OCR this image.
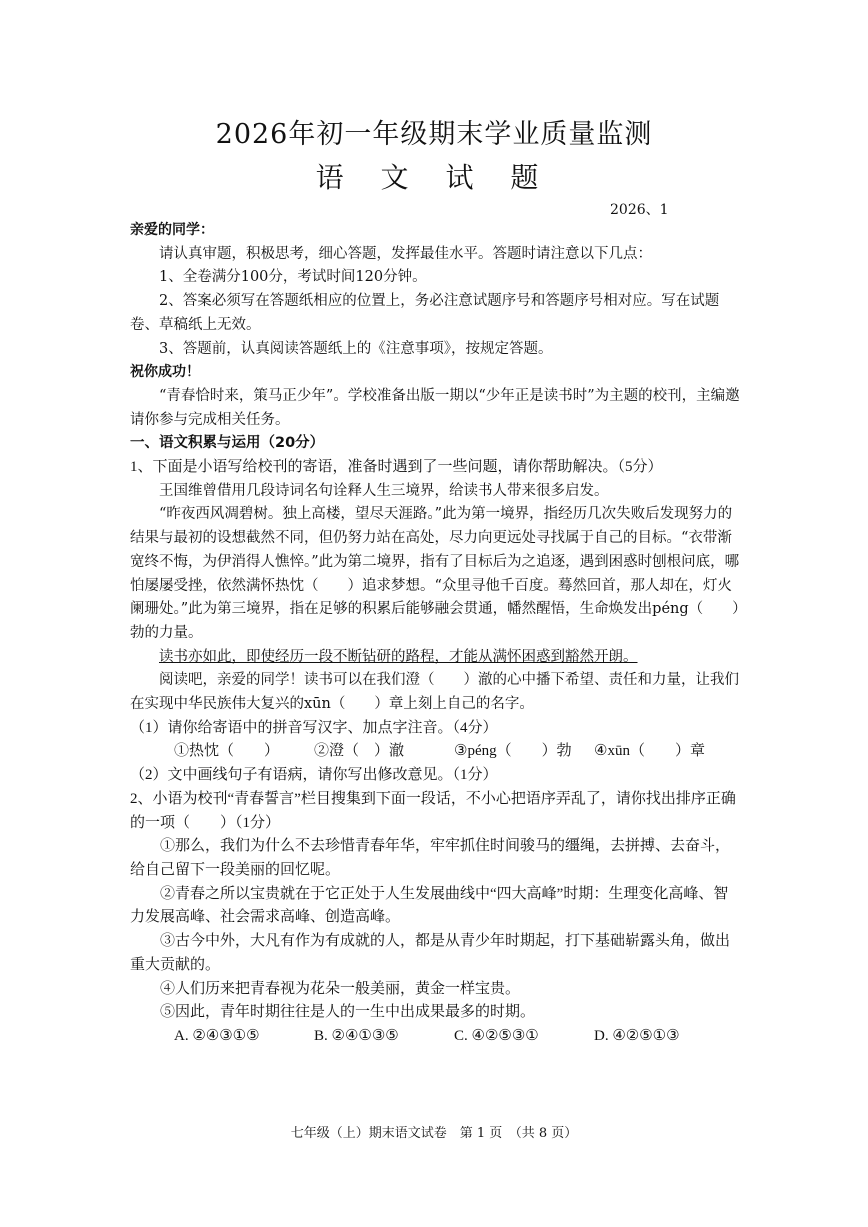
2026年初一年级期末学业质量监测
语 文 试 题
2026、1

亲爱的同学：

请认真审题，积极思考，细心答题，发挥最佳水平。答题时请注意以下几点：

1、全卷满分100分，考试时间120分钟。

2、答案必须写在答题纸相应的位置上，务必注意试题序号和答题序号相对应。写在试题卷、草稿纸上无效。

3、答题前，认真阅读答题纸上的《注意事项》，按规定答题。

祝你成功！

“青春恰时来，策马正少年”。学校准备出版一期以“少年正是读书时”为主题的校刊，主编邀请你参与完成相关任务。

一、语文积累与运用（20分）

1、下面是小语写给校刊的寄语，准备时遇到了一些问题，请你帮助解决。（5分）

王国维曾借用几段诗词名句诠释人生三境界，给读书人带来很多启发。

“昨夜西风凋碧树。独上高楼，望尽天涯路。”此为第一境界，指经历几次失败后发现努力的结果与最初的设想截然不同，但仍努力站在高处，尽力向更远处寻找属于自己的目标。“衣带渐宽终不悔，为伊消得人憔悴。”此为第二境界，指有了目标后为之追逐，遇到困惑时刨根问底，哪怕屡屡受挫，依然满怀热忱（　　）追求梦想。“众里寻他千百度。蓦然回首，那人却在，灯火阑珊处。”此为第三境界，指在足够的积累后能够融会贯通，幡然醒悟，生命焕发出péng（　　）勃的力量。

读书亦如此，即使经历一段不断钻研的路程，才能从满怀困惑到豁然开朗。

阅读吧，亲爱的同学！读书可以在我们澄（　　）澈的心中播下希望、责任和力量，让我们在实现中华民族伟大复兴的xūn（　　）章上刻上自己的名字。

（1）请你给寄语中的拼音写汉字、加点字注音。（4分）

①热忱（　　）	②澄（　）澈	③péng（　　）勃	④xūn（　　）章

（2）文中画线句子有语病，请你写出修改意见。（1分）

2、小语为校刊“青春誓言”栏目搜集到下面一段话，不小心把语序弄乱了，请你找出排序正确的一项（　　）（1分）

①那么，我们为什么不去珍惜青春年华，牢牢抓住时间骏马的缰绳，去拼搏、去奋斗，给自己留下一段美丽的回忆呢。

②青春之所以宝贵就在于它正处于人生发展曲线中“四大高峰”时期：生理变化高峰、智力发展高峰、社会需求高峰、创造高峰。

③古今中外，大凡有作为有成就的人，都是从青少年时期起，打下基础崭露头角，做出重大贡献的。

④人们历来把青春视为花朵一般美丽，黄金一样宝贵。

⑤因此，青年时期往往是人的一生中出成果最多的时期。

A. ②④③①⑤	B. ②④①③⑤	C. ④②⑤③①	D. ④②⑤①③
七年级（上）期末语文试卷　第 1 页　（共 8 页）
